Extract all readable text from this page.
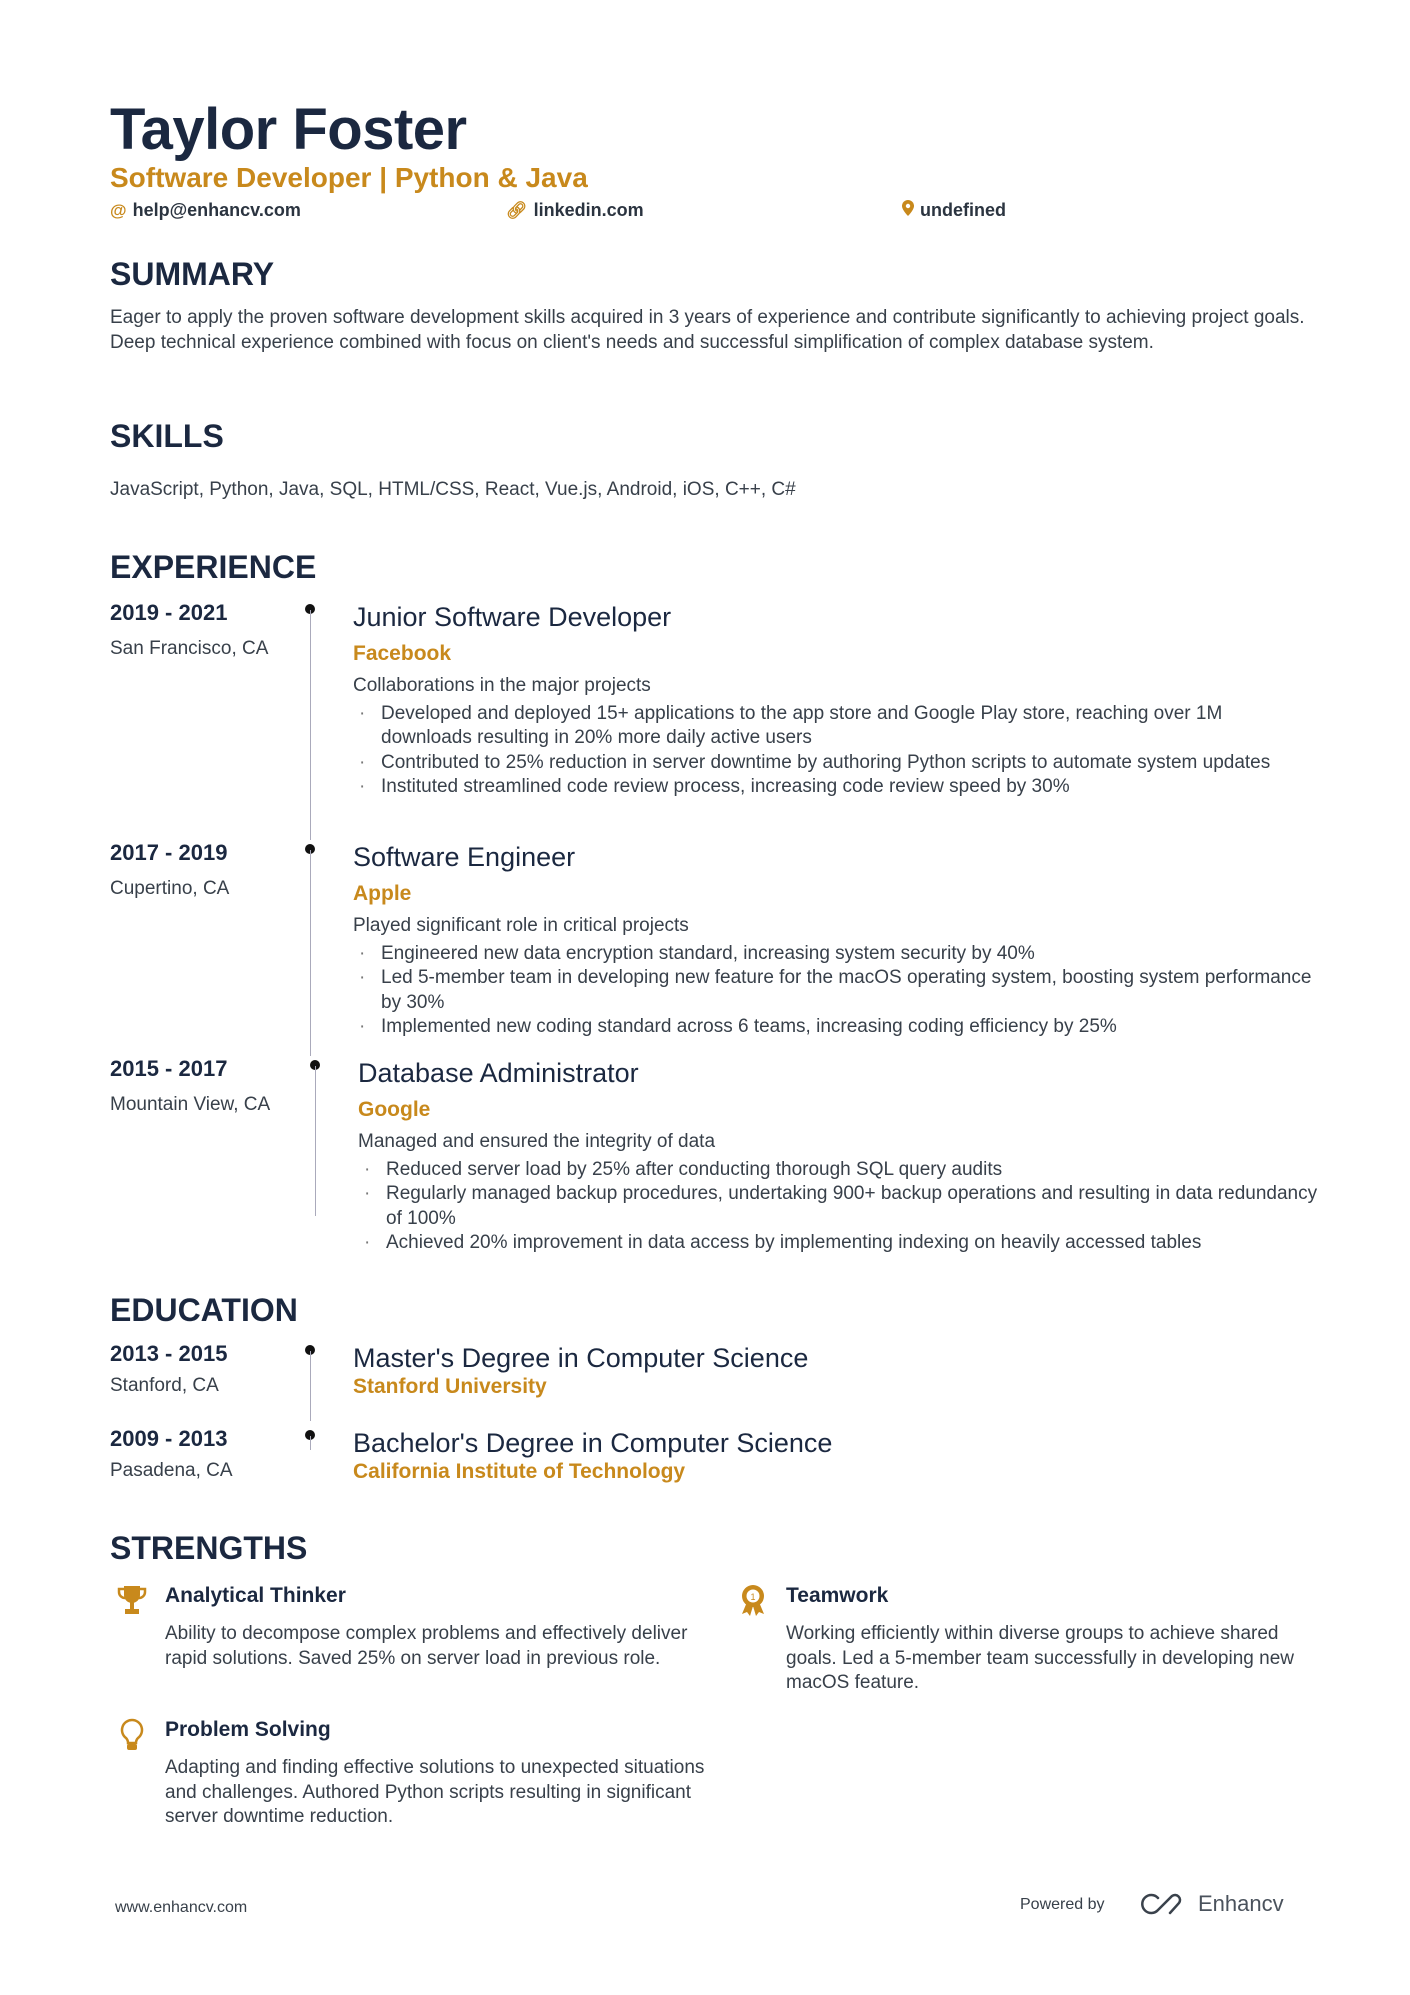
Taylor Foster
Software Developer | Python & Java
@ help@enhancv.com	🔗︎ linkedin.com	undefined
SUMMARY
Eager to apply the proven software development skills acquired in 3 years of experience and contribute significantly to achieving project goals. Deep technical experience combined with focus on client's needs and successful simplification of complex database system.
SKILLS
JavaScript, Python, Java, SQL, HTML/CSS, React, Vue.js, Android, iOS, C++, C#
EXPERIENCE
2019 - 2021
San Francisco, CA
Junior Software Developer
Facebook
Collaborations in the major projects
· Developed and deployed 15+ applications to the app store and Google Play store, reaching over 1M downloads resulting in 20% more daily active users
· Contributed to 25% reduction in server downtime by authoring Python scripts to automate system updates
· Instituted streamlined code review process, increasing code review speed by 30%
2017 - 2019
Cupertino, CA
Software Engineer
Apple
Played significant role in critical projects
· Engineered new data encryption standard, increasing system security by 40%
· Led 5-member team in developing new feature for the macOS operating system, boosting system performance by 30%
· Implemented new coding standard across 6 teams, increasing coding efficiency by 25%
2015 - 2017
Mountain View, CA
Database Administrator
Google
Managed and ensured the integrity of data
· Reduced server load by 25% after conducting thorough SQL query audits
· Regularly managed backup procedures, undertaking 900+ backup operations and resulting in data redundancy of 100%
· Achieved 20% improvement in data access by implementing indexing on heavily accessed tables
EDUCATION
2013 - 2015
Stanford, CA
Master's Degree in Computer Science
Stanford University
2009 - 2013
Pasadena, CA
Bachelor's Degree in Computer Science
California Institute of Technology
STRENGTHS
Analytical Thinker
Ability to decompose complex problems and effectively deliver rapid solutions. Saved 25% on server load in previous role.
1 Teamwork
Working efficiently within diverse groups to achieve shared goals. Led a 5-member team successfully in developing new macOS feature.
Problem Solving
Adapting and finding effective solutions to unexpected situations and challenges. Authored Python scripts resulting in significant server downtime reduction.
www.enhancv.com	Powered by	Enhancv
